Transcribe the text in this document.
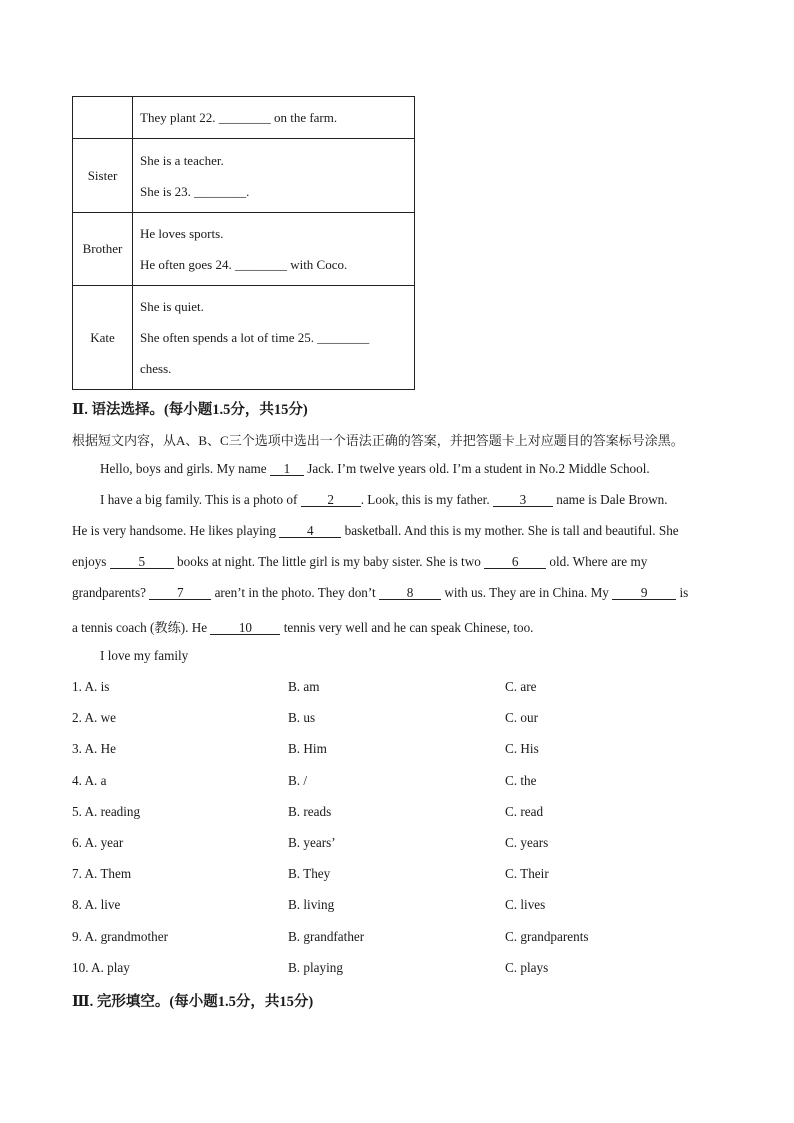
	They plant 22. ________ on the farm.

Sister	She is a teacher.
She is 23. ________.

Brother	He loves sports.
He often goes 24. ________ with Coco.

Kate	She is quiet.
She often spends a lot of time 25. ________
chess.
Ⅱ. 语法选择。(每小题1.5分，共15分)
根据短文内容，从A、B、C三个选项中选出一个语法正确的答案，并把答题卡上对应题目的答案标号涂黑。
Hello, boys and girls. My name 1 Jack. I’m twelve years old. I’m a student in No.2 Middle School.
I have a big family. This is a photo of 2 . Look, this is my father. 3 name is Dale Brown.
He is very handsome. He likes playing 4 basketball. And this is my mother. She is tall and beautiful. She
enjoys 5 books at night. The little girl is my baby sister. She is two 6 old. Where are my
grandparents? 7 aren’t in the photo. They don’t 8 with us. They are in China. My 9 is
a tennis coach (教练). He 10 tennis very well and he can speak Chinese, too.
I love my family
1. A. is	B. am	C. are
2. A. we	B. us	C. our
3. A. He	B. Him	C. His
4. A. a	B. /	C. the
5. A. reading	B. reads	C. read
6. A. year	B. years’	C. years
7. A. Them	B. They	C. Their
8. A. live	B. living	C. lives
9. A. grandmother	B. grandfather	C. grandparents
10. A. play	B. playing	C. plays
Ⅲ. 完形填空。(每小题1.5分，共15分)
